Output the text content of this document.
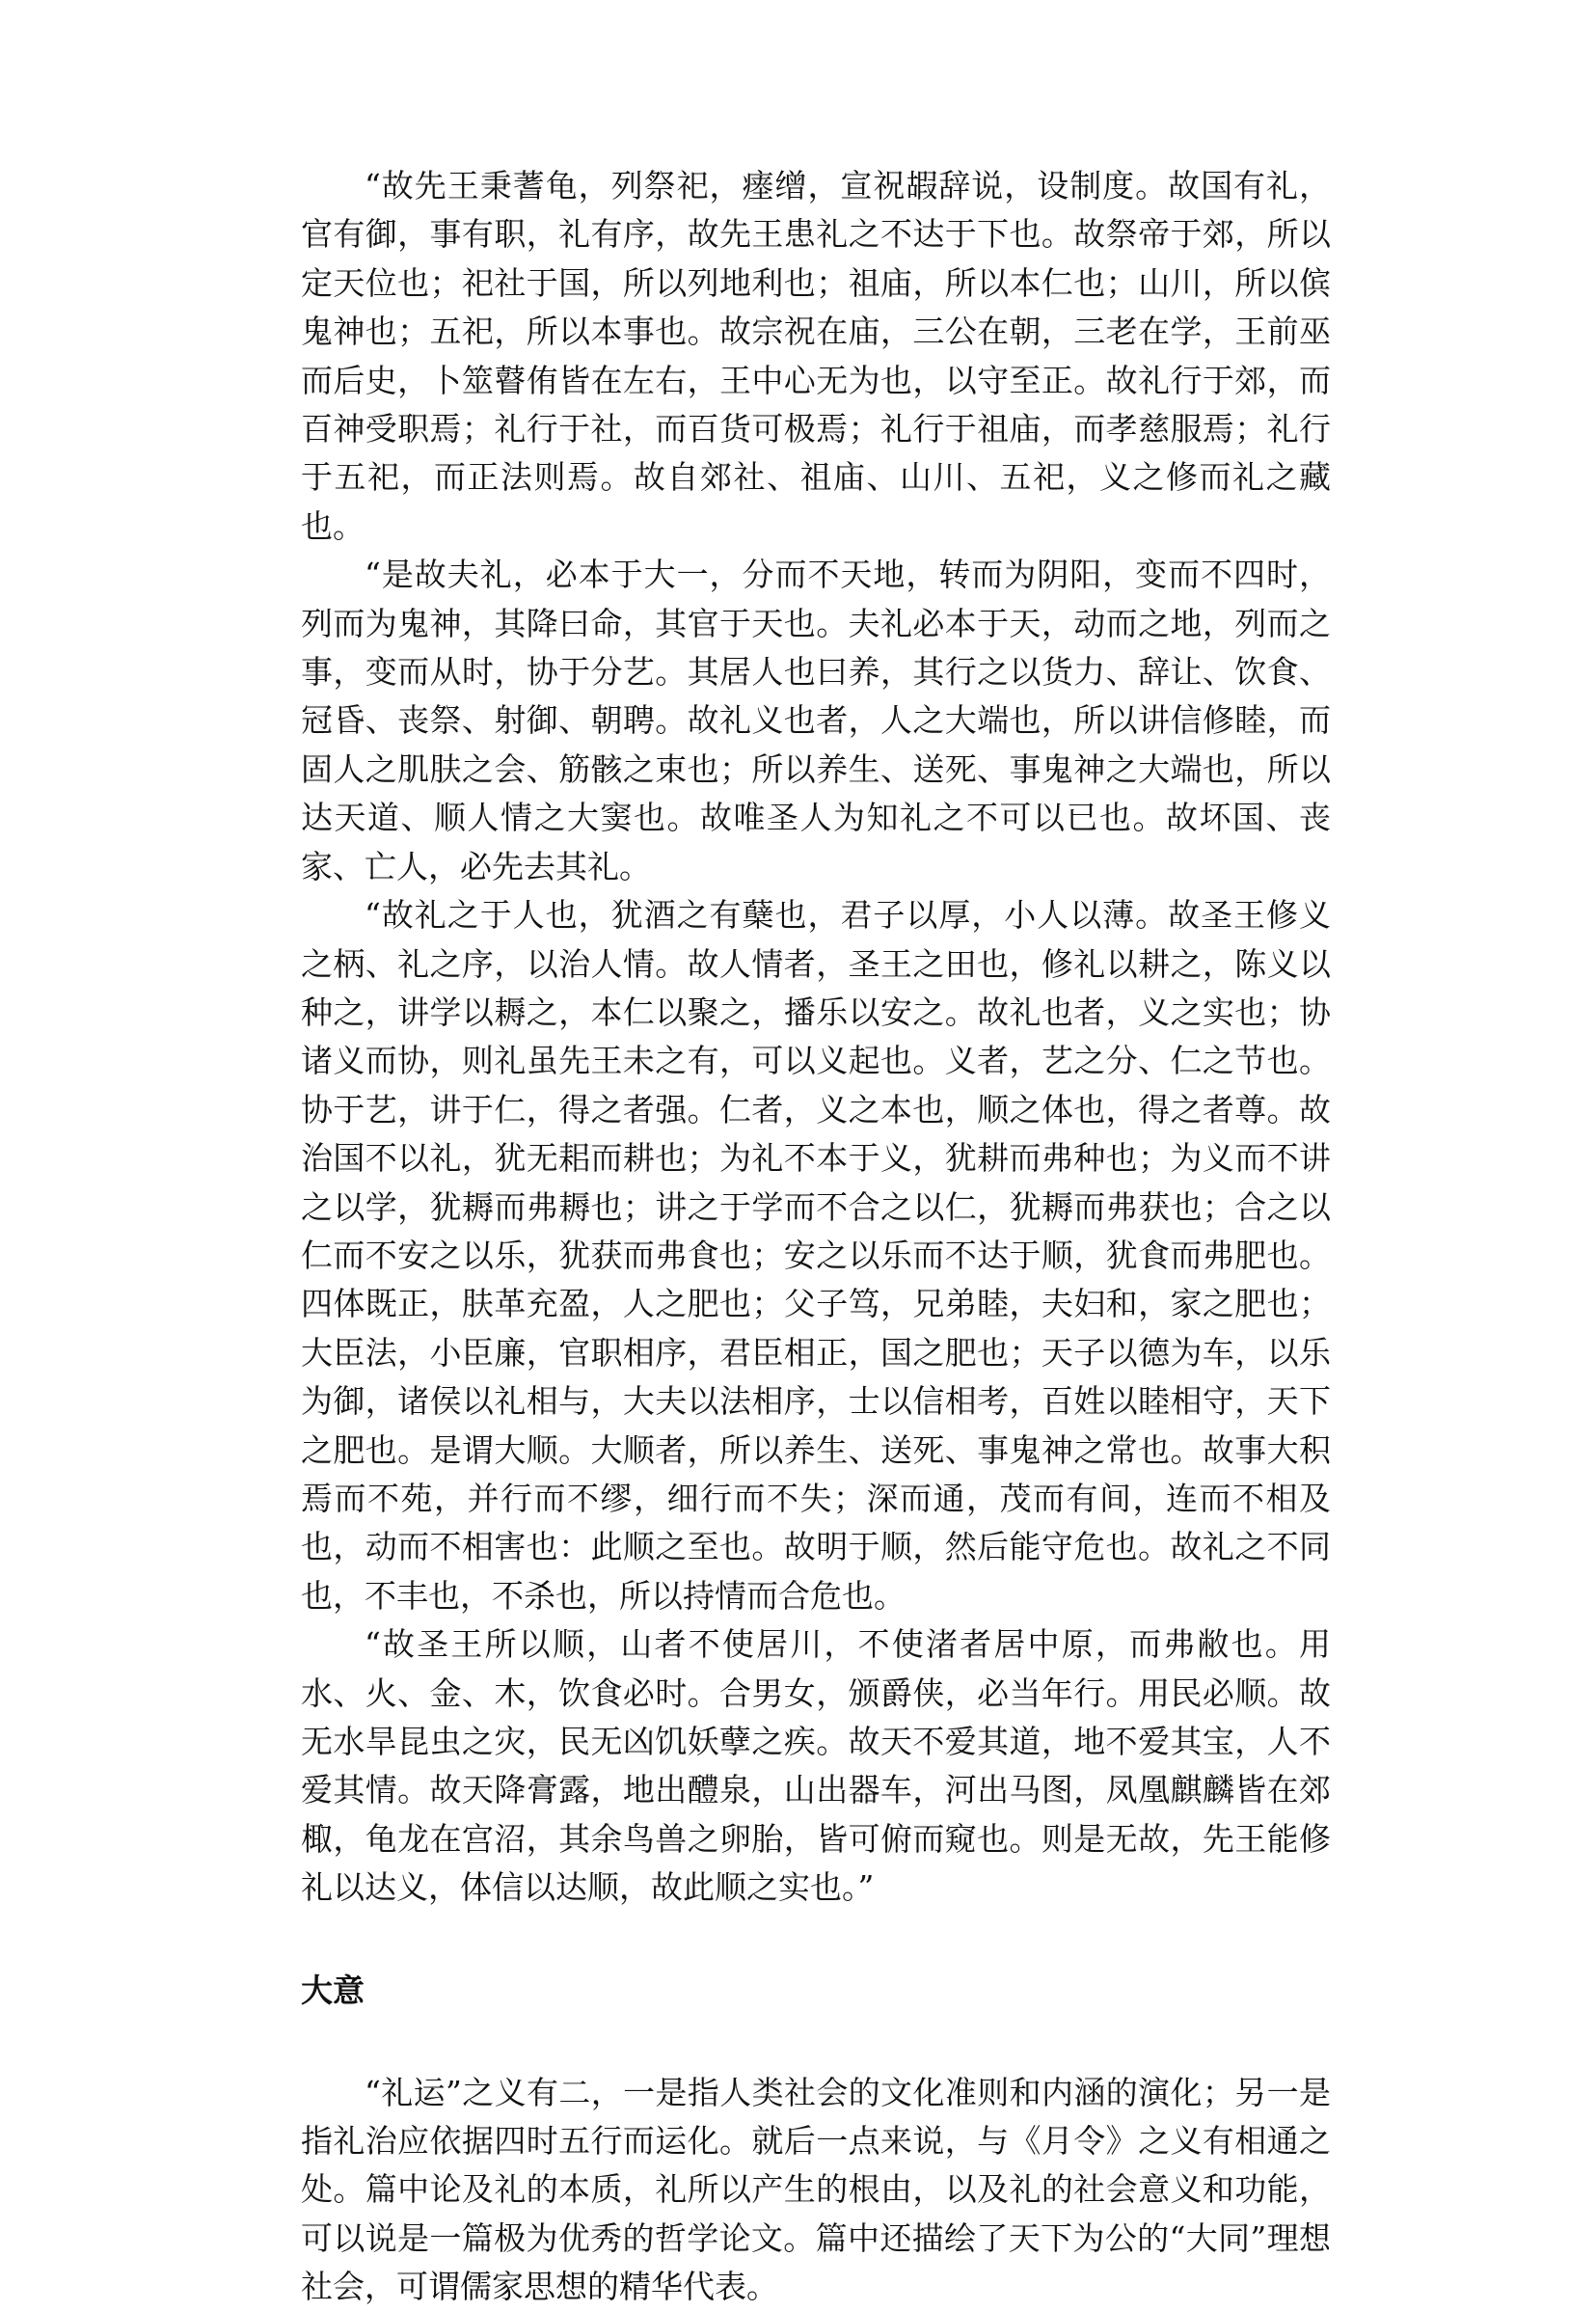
“故先王秉蓍龟，列祭祀，瘗缯，宣祝嘏辞说，设制度。故国有礼，官有御，事有职，礼有序，故先王患礼之不达于下也。故祭帝于郊，所以定天位也；祀社于国，所以列地利也；祖庙，所以本仁也；山川，所以傧鬼神也；五祀，所以本事也。故宗祝在庙，三公在朝，三老在学，王前巫而后史，卜筮瞽侑皆在左右，王中心无为也，以守至正。故礼行于郊，而百神受职焉；礼行于社，而百货可极焉；礼行于祖庙，而孝慈服焉；礼行于五祀，而正法则焉。故自郊社、祖庙、山川、五祀，义之修而礼之藏也。

“是故夫礼，必本于大一，分而不天地，转而为阴阳，变而不四时，列而为鬼神，其降曰命，其官于天也。夫礼必本于天，动而之地，列而之事，变而从时，协于分艺。其居人也曰养，其行之以货力、辞让、饮食、冠昏、丧祭、射御、朝聘。故礼义也者，人之大端也，所以讲信修睦，而固人之肌肤之会、筋骸之束也；所以养生、送死、事鬼神之大端也，所以达天道、顺人情之大窦也。故唯圣人为知礼之不可以已也。故坏国、丧家、亡人，必先去其礼。

“故礼之于人也，犹酒之有蘖也，君子以厚，小人以薄。故圣王修义之柄、礼之序，以治人情。故人情者，圣王之田也，修礼以耕之，陈义以种之，讲学以耨之，本仁以聚之，播乐以安之。故礼也者，义之实也；协诸义而协，则礼虽先王未之有，可以义起也。义者，艺之分、仁之节也。协于艺，讲于仁，得之者强。仁者，义之本也，顺之体也，得之者尊。故治国不以礼，犹无耜而耕也；为礼不本于义，犹耕而弗种也；为义而不讲之以学，犹耨而弗耨也；讲之于学而不合之以仁，犹耨而弗获也；合之以仁而不安之以乐，犹获而弗食也；安之以乐而不达于顺，犹食而弗肥也。四体既正，肤革充盈，人之肥也；父子笃，兄弟睦，夫妇和，家之肥也；大臣法，小臣廉，官职相序，君臣相正，国之肥也；天子以德为车，以乐为御，诸侯以礼相与，大夫以法相序，士以信相考，百姓以睦相守，天下之肥也。是谓大顺。大顺者，所以养生、送死、事鬼神之常也。故事大积焉而不苑，并行而不缪，细行而不失；深而通，茂而有间，连而不相及也，动而不相害也：此顺之至也。故明于顺，然后能守危也。故礼之不同也，不丰也，不杀也，所以持情而合危也。

“故圣王所以顺，山者不使居川，不使渚者居中原，而弗敝也。用水、火、金、木，饮食必时。合男女，颁爵侠，必当年行。用民必顺。故无水旱昆虫之灾，民无凶饥妖孽之疾。故天不爱其道，地不爱其宝，人不爱其情。故天降膏露，地出醴泉，山出器车，河出马图，凤凰麒麟皆在郊棷，龟龙在宫沼，其余鸟兽之卵胎，皆可俯而窥也。则是无故，先王能修礼以达义，体信以达顺，故此顺之实也。”

大意

“礼运”之义有二，一是指人类社会的文化准则和内涵的演化；另一是指礼治应依据四时五行而运化。就后一点来说，与《月令》之义有相通之处。篇中论及礼的本质，礼所以产生的根由，以及礼的社会意义和功能，可以说是一篇极为优秀的哲学论文。篇中还描绘了天下为公的“大同”理想社会，可谓儒家思想的精华代表。
